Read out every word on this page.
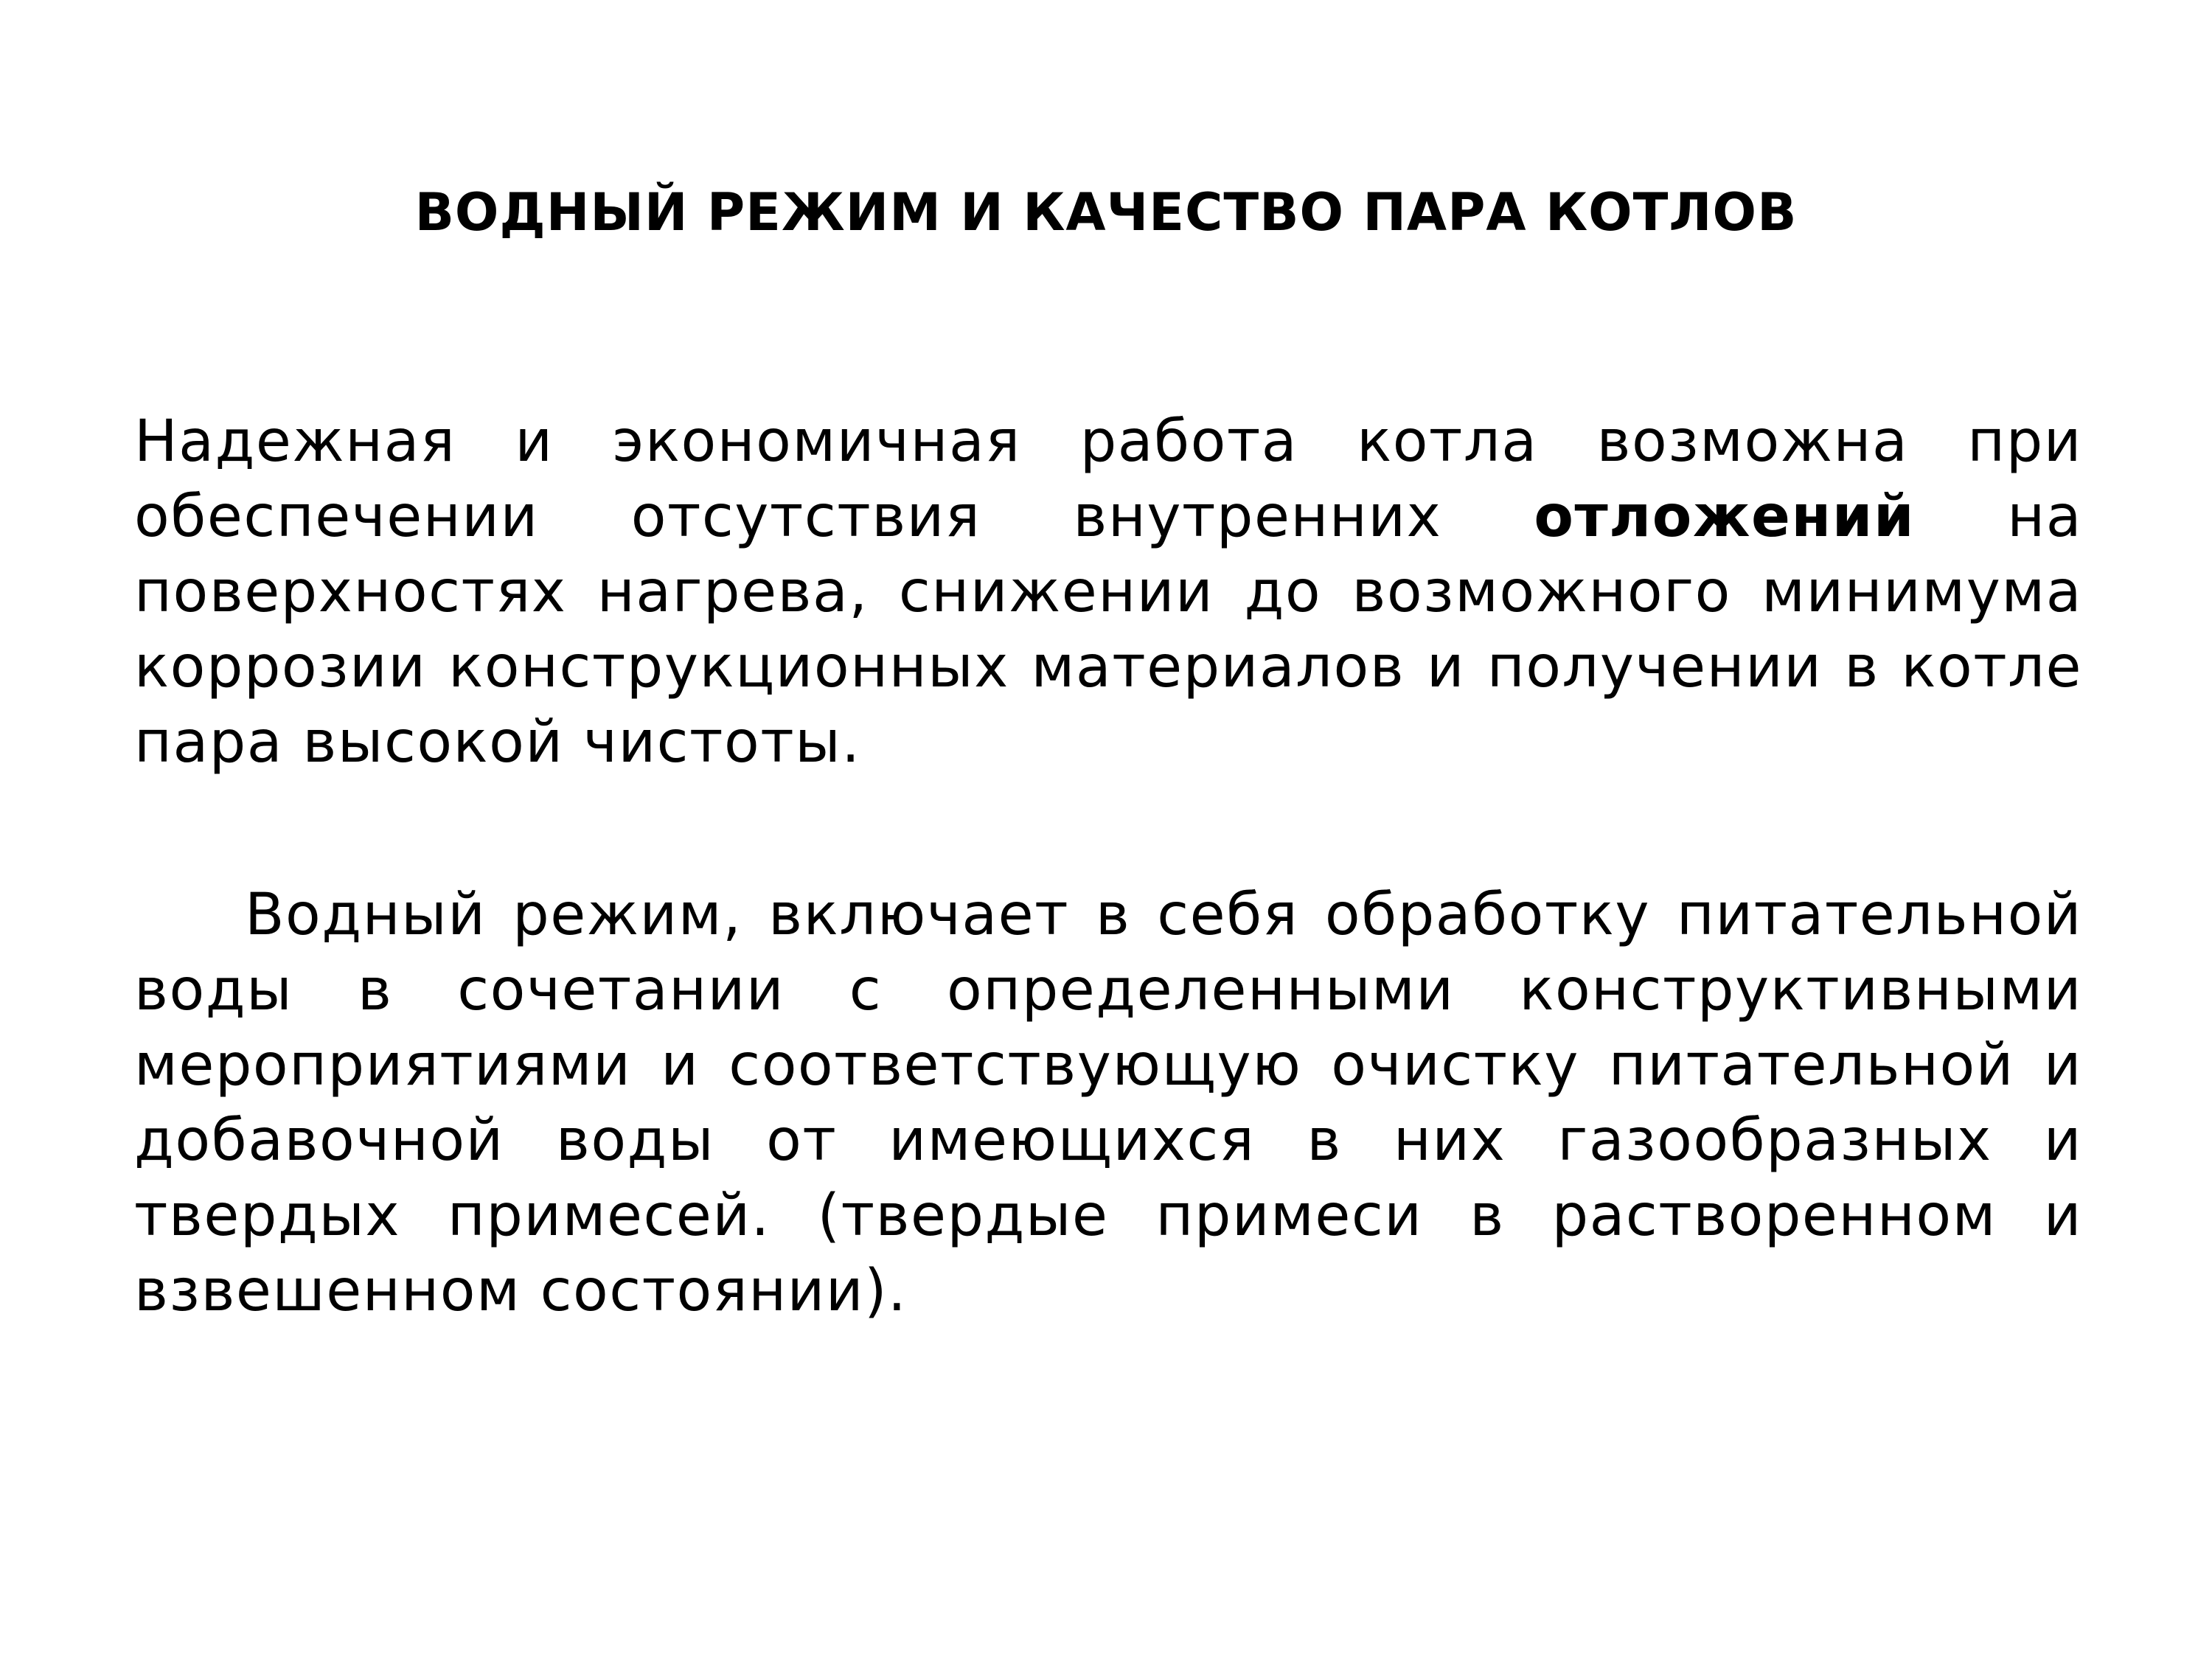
ВОДНЫЙ РЕЖИМ И КАЧЕСТВО ПАРА КОТЛОВ

Надежная и экономичная работа котла возможна при обеспечении отсутствия внутренних отложений на поверхностях нагрева, снижении до возможного минимума коррозии конструкционных материалов и получении в котле пара высокой чистоты.

Водный режим, включает в себя обработку питательной воды в сочетании с определенными конструктивными мероприятиями и соответствующую очистку питательной и добавочной воды от имеющихся в них газообразных и твердых примесей. (твердые примеси в растворенном и взвешенном состоянии).
